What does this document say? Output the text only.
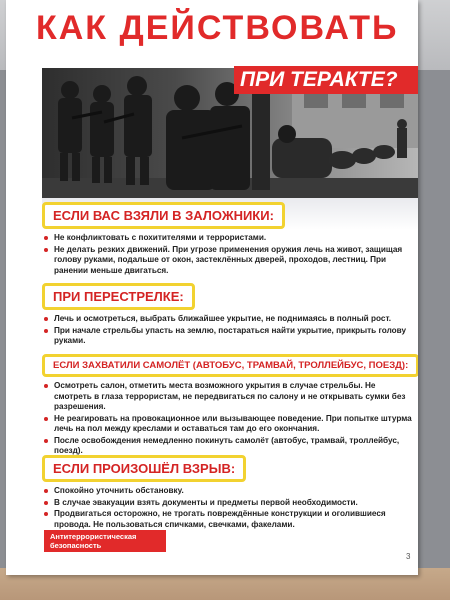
КАК ДЕЙСТВОВАТЬ
ПРИ ТЕРАКТЕ?
ЕСЛИ ВАС ВЗЯЛИ В ЗАЛОЖНИКИ:
Не конфликтовать с похитителями и террористами.
Не делать резких движений. При угрозе применения оружия лечь на живот, защищая голову руками, подальше от окон, застеклённых дверей, проходов, лестниц. При ранении меньше двигаться.
ПРИ ПЕРЕСТРЕЛКЕ:
Лечь и осмотреться, выбрать ближайшее укрытие, не поднимаясь в полный рост.
При начале стрельбы упасть на землю, постараться найти укрытие, прикрыть голову руками.
ЕСЛИ ЗАХВАТИЛИ САМОЛЁТ (АВТОБУС, ТРАМВАЙ, ТРОЛЛЕЙБУС, ПОЕЗД):
Осмотреть салон, отметить места возможного укрытия в случае стрельбы. Не смотреть в глаза террористам, не передвигаться по салону и не открывать сумки без разрешения.
Не реагировать на провокационное или вызывающее поведение. При попытке штурма лечь на пол между креслами и оставаться там до его окончания.
После освобождения немедленно покинуть самолёт (автобус, трамвай, троллейбус, поезд).
ЕСЛИ ПРОИЗОШЁЛ ВЗРЫВ:
Спокойно уточнить обстановку.
В случае эвакуации взять документы и предметы первой необходимости.
Продвигаться осторожно, не трогать повреждённые конструкции и оголившиеся провода. Не пользоваться спичками, свечками, факелами.
Антитеррористическая безопасность
3
